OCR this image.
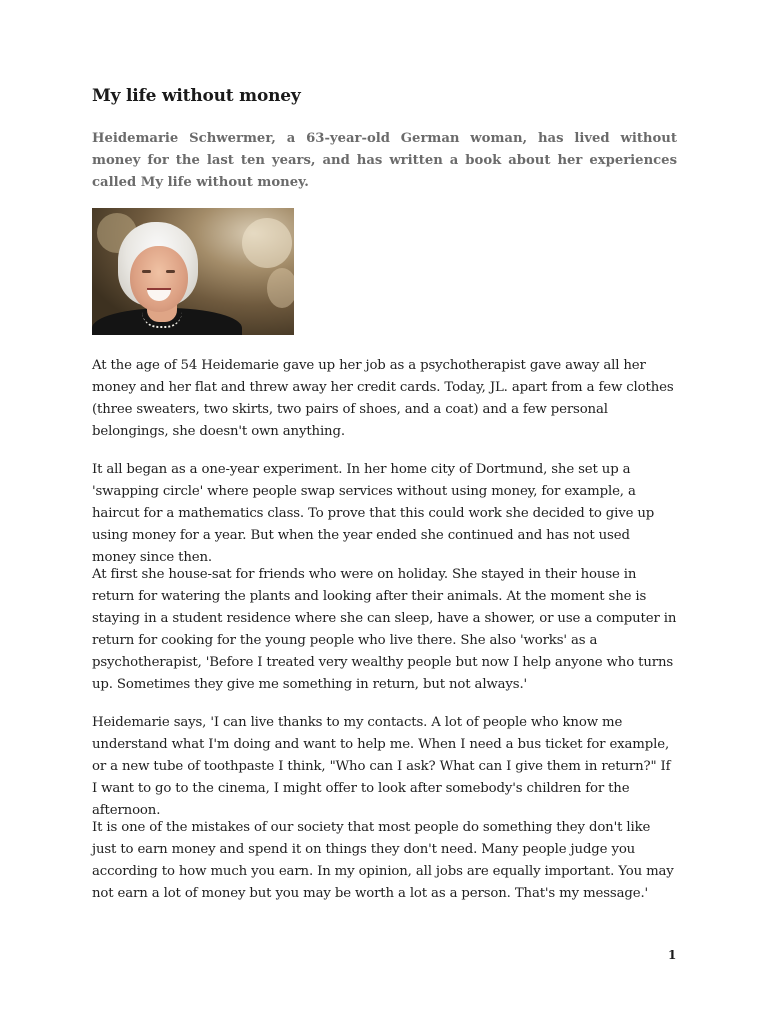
My life without money
Heidemarie Schwermer, a 63-year-old German woman, has lived without money for the last ten years, and has written a book about her experiences called My life without money.
At the age of 54 Heidemarie gave up her job as a psychotherapist gave away all her money and her flat and threw away her credit cards. Today, JL. apart from a few clothes (three sweaters, two skirts, two pairs of shoes, and a coat) and a few personal belongings, she doesn't own anything.
It all began as a one-year experiment. In her home city of Dortmund, she set up a 'swapping circle' where people swap services without using money, for example, a haircut for a mathematics class. To prove that this could work she decided to give up using money for a year. But when the year ended she continued and has not used money since then.
At first she house-sat for friends who were on holiday. She stayed in their house in return for watering the plants and looking after their animals. At the moment she is staying in a student residence where she can sleep, have a shower, or use a computer in return for cooking for the young people who live there. She also 'works' as a psychotherapist, 'Before I treated very wealthy people but now I help anyone who turns up. Sometimes they give me something in return, but not always.'
Heidemarie says, 'I can live thanks to my contacts. A lot of people who know me understand what I'm doing and want to help me. When I need a bus ticket for example, or a new tube of toothpaste I think, "Who can I ask? What can I give them in return?" If I want to go to the cinema, I might offer to look after somebody's children for the afternoon.
It is one of the mistakes of our society that most people do something they don't like just to earn money and spend it on things they don't need. Many people judge you according to how much you earn. In my opinion, all jobs are equally important. You may not earn a lot of money but you may be worth a lot as a person. That's my message.'
1
